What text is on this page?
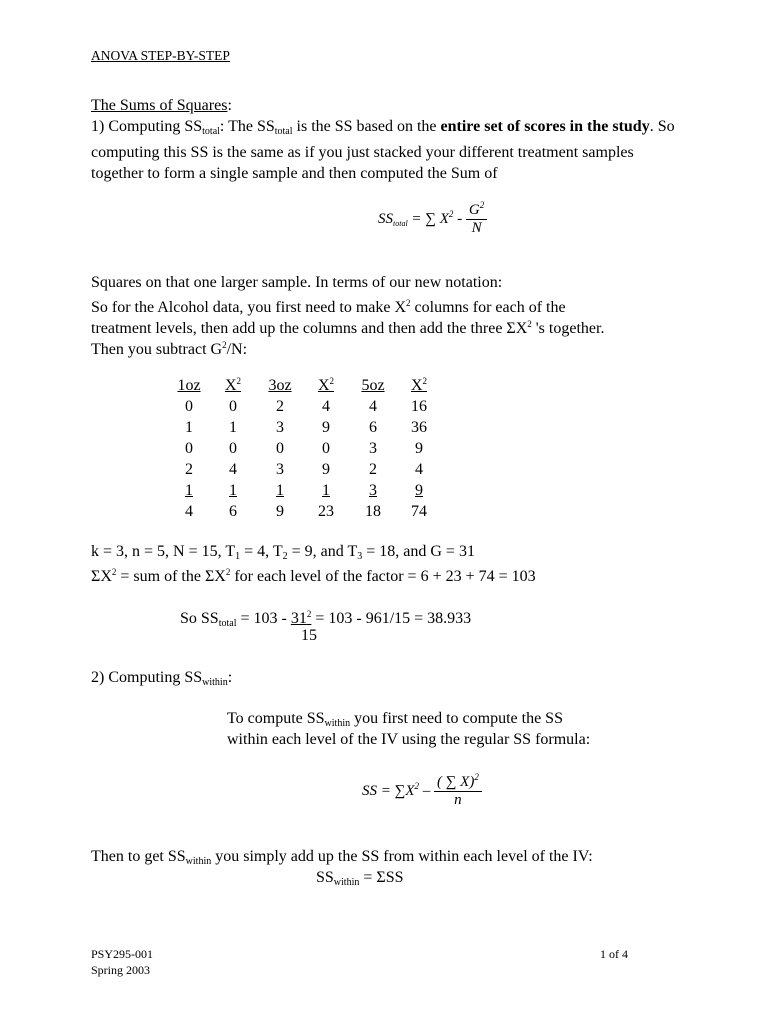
ANOVA STEP-BY-STEP
The Sums of Squares:
1) Computing $SS_{total}$: The $SS_{total}$ is the SS based on the entire set of scores in the study. So computing this SS is the same as if you just stacked your different treatment samples together to form a single sample and then computed the Sum of
$SS_{total}$ = ∑ $X^2 - \frac{G^2}{N}$
Squares on that one larger sample. In terms of our new notation:
So for the Alcohol data, you first need to make $X^2$ columns for each of the
treatment levels, then add up the columns and then add the three $\Sigma X^2$ 's together.
Then you subtract $G^2/N$:
1oz	$X^2$	3oz	$X^2$	5oz	$X^2$
0	0	2	4	4	16
1	1	3	9	6	36
0	0	0	0	3	9
2	4	3	9	2	4
1	1	1	1	3	9
4	6	9	23	18	74
k = 3, n = 5, N = 15, $T_1 = 4$, $T_2 = 9$, and $T_3 = 18$, and G = 31
$\Sigma X^2$ = sum of the $\Sigma X^2$ for each level of the factor = 6 + 23 + 74 = 103
So $SS_{total} = 103 - 31^2 = 103 - 961/15 = 38.933$
15
2) Computing $SS_{within}$:
To compute $SS_{within}$ you first need to compute the SS
within each level of the IV using the regular SS formula:
SS = $\sum X^2 - \frac{( \sum X)^2}{n}$
Then to get $SS_{within}$ you simply add up the SS from within each level of the IV:
$SS_{within} = \Sigma SS$
PSY295-001
Spring 2003
1 of 4
